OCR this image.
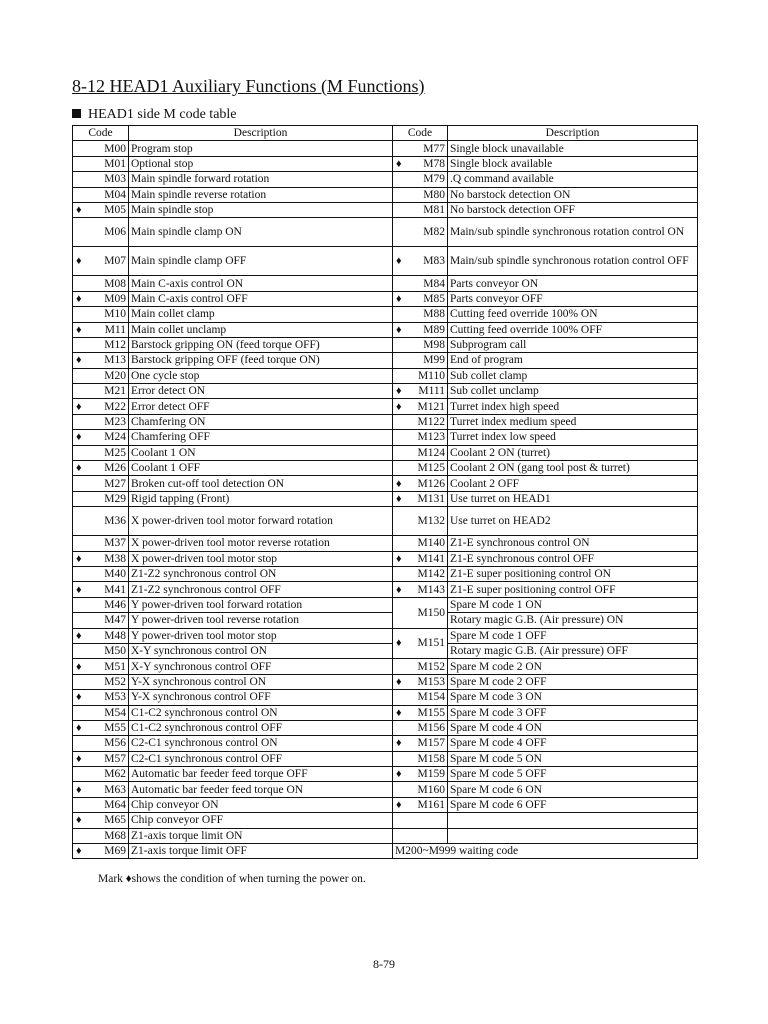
8-12 HEAD1 Auxiliary Functions (M Functions)
HEAD1 side M code table
Code	Description	Code	Description

M00	Program stop	M77	Single block unavailable

M01	Optional stop	♦ M78	Single block available

M03	Main spindle forward rotation	M79	.Q command available

M04	Main spindle reverse rotation	M80	No barstock detection ON

♦ M05	Main spindle stop	M81	No barstock detection OFF

M06	Main spindle clamp ON	M82	Main/sub spindle synchronous rotation control ON

♦ M07	Main spindle clamp OFF	♦ M83	Main/sub spindle synchronous rotation control OFF

M08	Main C-axis control ON	M84	Parts conveyor ON

♦ M09	Main C-axis control OFF	♦ M85	Parts conveyor OFF

M10	Main collet clamp	M88	Cutting feed override 100% ON

♦ M11	Main collet unclamp	♦ M89	Cutting feed override 100% OFF

M12	Barstock gripping ON (feed torque OFF)	M98	Subprogram call

♦ M13	Barstock gripping OFF (feed torque ON)	M99	End of program

M20	One cycle stop	M110	Sub collet clamp

M21	Error detect ON	♦ M111	Sub collet unclamp

♦ M22	Error detect OFF	♦ M121	Turret index high speed

M23	Chamfering ON	M122	Turret index medium speed

♦ M24	Chamfering OFF	M123	Turret index low speed

M25	Coolant 1 ON	M124	Coolant 2 ON (turret)

♦ M26	Coolant 1 OFF	M125	Coolant 2 ON (gang tool post & turret)

M27	Broken cut-off tool detection ON	♦ M126	Coolant 2 OFF

M29	Rigid tapping (Front)	♦ M131	Use turret on HEAD1

M36	X power-driven tool motor forward rotation	M132	Use turret on HEAD2

M37	X power-driven tool motor reverse rotation	M140	Z1-E synchronous control ON

♦ M38	X power-driven tool motor stop	♦ M141	Z1-E synchronous control OFF

M40	Z1-Z2 synchronous control ON	M142	Z1-E super positioning control ON

♦ M41	Z1-Z2 synchronous control OFF	♦ M143	Z1-E super positioning control OFF

M46	Y power-driven tool forward rotation	M150	Spare M code 1 ON

M47	Y power-driven tool reverse rotation		Rotary magic G.B. (Air pressure) ON

♦ M48	Y power-driven tool motor stop	♦ M151	Spare M code 1 OFF

M50	X-Y synchronous control ON		Rotary magic G.B. (Air pressure) OFF

♦ M51	X-Y synchronous control OFF	M152	Spare M code 2 ON

M52	Y-X synchronous control ON	♦ M153	Spare M code 2 OFF

♦ M53	Y-X synchronous control OFF	M154	Spare M code 3 ON

M54	C1-C2 synchronous control ON	♦ M155	Spare M code 3 OFF

♦ M55	C1-C2 synchronous control OFF	M156	Spare M code 4 ON

M56	C2-C1 synchronous control ON	♦ M157	Spare M code 4 OFF

♦ M57	C2-C1 synchronous control OFF	M158	Spare M code 5 ON

M62	Automatic bar feeder feed torque OFF	♦ M159	Spare M code 5 OFF

♦ M63	Automatic bar feeder feed torque ON	M160	Spare M code 6 ON

M64	Chip conveyor ON	♦ M161	Spare M code 6 OFF

♦ M65	Chip conveyor OFF	

M68	Z1-axis torque limit ON	

♦ M69	Z1-axis torque limit OFF	M200~M999 waiting code	
Mark ♦shows the condition of when turning the power on.
8-79
